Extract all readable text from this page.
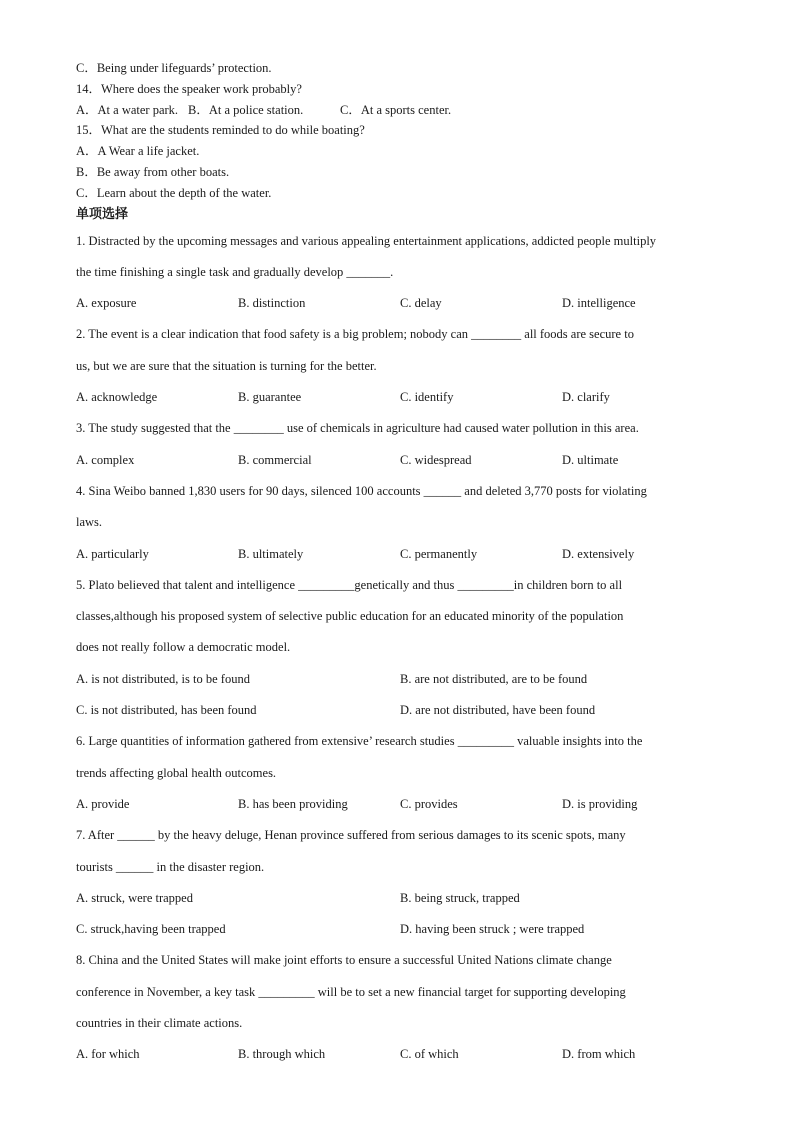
C．Being under lifeguards’ protection.
14．Where does the speaker work probably?
A．At a water park. B．At a police station.	C．At a sports center.
15．What are the students reminded to do while boating?
A．A Wear a life jacket.
B．Be away from other boats.
C．Learn about the depth of the water.
单项选择
1. Distracted by the upcoming messages and various appealing entertainment applications, addicted people multiply
the time finishing a single task and gradually develop _______.
A. exposure	B. distinction	C. delay	D. intelligence
2. The event is a clear indication that food safety is a big problem; nobody can ________ all foods are secure to
us, but we are sure that the situation is turning for the better.
A. acknowledge	B. guarantee	C. identify	D. clarify
3. The study suggested that the ________ use of chemicals in agriculture had caused water pollution in this area.
A. complex	B. commercial	C. widespread	D. ultimate
4. Sina Weibo banned 1,830 users for 90 days, silenced 100 accounts ______ and deleted 3,770 posts for violating
laws.
A. particularly	B. ultimately	C. permanently	D. extensively
5. Plato believed that talent and intelligence _________genetically and thus _________in children born to all
classes,although his proposed system of selective public education for an educated minority of the population
does not really follow a democratic model.
A. is not distributed, is to be found	B. are not distributed, are to be found
C. is not distributed, has been found	D. are not distributed, have been found
6. Large quantities of information gathered from extensive’ research studies _________ valuable insights into the
trends affecting global health outcomes.
A. provide	B. has been providing	C. provides	D. is providing
7. After ______ by the heavy deluge, Henan province suffered from serious damages to its scenic spots, many
tourists ______ in the disaster region.
A. struck, were trapped	B. being struck, trapped
C. struck,having been trapped	D. having been struck ; were trapped
8. China and the United States will make joint efforts to ensure a successful United Nations climate change
conference in November, a key task _________ will be to set a new financial target for supporting developing
countries in their climate actions.
A. for which	B. through which	C. of which	D. from which
